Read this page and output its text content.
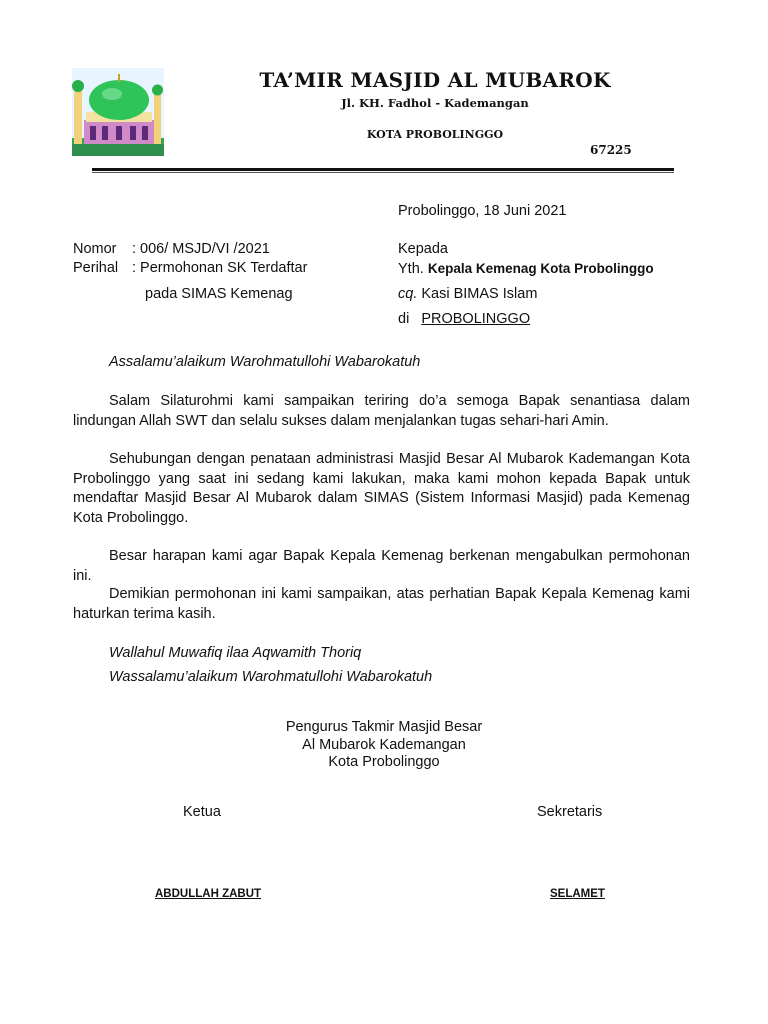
TA’MIR MASJID AL MUBAROK
Jl. KH. Fadhol - Kademangan
KOTA PROBOLINGGO
67225
Probolinggo, 18 Juni 2021
Nomor : 006/ MSJD/VI /2021
Perihal : Permohonan SK Terdaftar
pada SIMAS Kemenag
Kepada
Yth. Kepala Kemenag Kota Probolinggo
cq. Kasi BIMAS Islam
di PROBOLINGGO
Assalamu’alaikum Warohmatullohi Wabarokatuh
Salam Silaturohmi kami sampaikan teriring do’a semoga Bapak senantiasa dalam lindungan Allah SWT dan selalu sukses dalam menjalankan tugas sehari-hari Amin.
Sehubungan dengan penataan administrasi Masjid Besar Al Mubarok Kademangan Kota Probolinggo yang saat ini sedang kami lakukan, maka kami mohon kepada Bapak untuk mendaftar Masjid Besar Al Mubarok dalam SIMAS (Sistem Informasi Masjid) pada Kemenag Kota Probolinggo.
Besar harapan kami agar Bapak Kepala Kemenag berkenan mengabulkan permohonan ini.
Demikian permohonan ini kami sampaikan, atas perhatian Bapak Kepala Kemenag kami haturkan terima kasih.
Wallahul Muwafiq ilaa Aqwamith Thoriq
Wassalamu’alaikum Warohmatullohi Wabarokatuh
Pengurus Takmir Masjid Besar
Al Mubarok Kademangan
Kota Probolinggo
Ketua	Sekretaris
ABDULLAH ZABUT	SELAMET
